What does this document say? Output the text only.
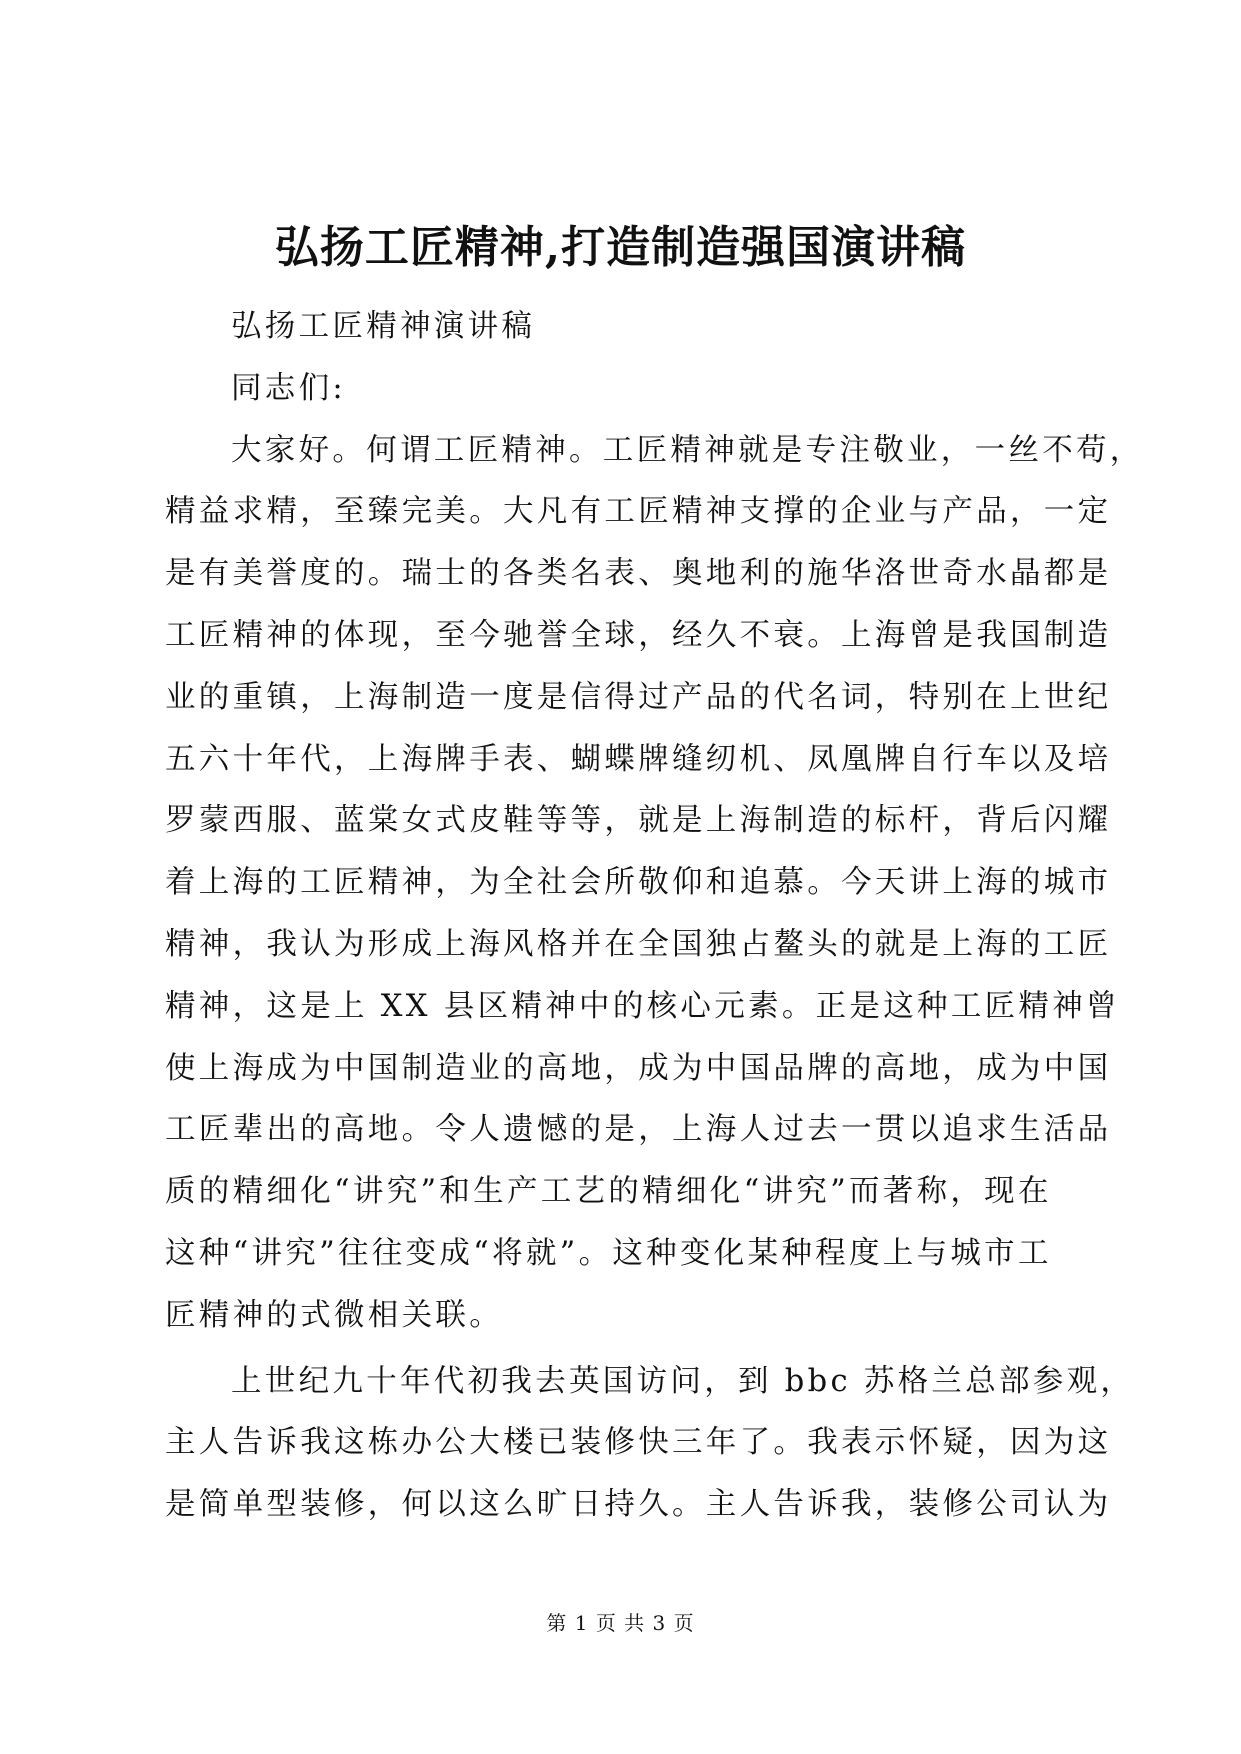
弘扬工匠精神,打造制造强国演讲稿
弘扬工匠精神演讲稿
同志们:
大家好。何谓工匠精神。工匠精神就是专注敬业，一丝不苟，
精益求精，至臻完美。大凡有工匠精神支撑的企业与产品，一定
是有美誉度的。瑞士的各类名表、奥地利的施华洛世奇水晶都是
工匠精神的体现，至今驰誉全球，经久不衰。上海曾是我国制造
业的重镇，上海制造一度是信得过产品的代名词，特别在上世纪
五六十年代，上海牌手表、蝴蝶牌缝纫机、凤凰牌自行车以及培
罗蒙西服、蓝棠女式皮鞋等等，就是上海制造的标杆，背后闪耀
着上海的工匠精神，为全社会所敬仰和追慕。今天讲上海的城市
精神，我认为形成上海风格并在全国独占鳌头的就是上海的工匠
精神，这是上 XX 县区精神中的核心元素。正是这种工匠精神曾
使上海成为中国制造业的高地，成为中国品牌的高地，成为中国
工匠辈出的高地。令人遗憾的是，上海人过去一贯以追求生活品
质的精细化“讲究”和生产工艺的精细化“讲究”而著称，现在
这种“讲究”往往变成“将就”。这种变化某种程度上与城市工
匠精神的式微相关联。
上世纪九十年代初我去英国访问，到 bbc 苏格兰总部参观，
主人告诉我这栋办公大楼已装修快三年了。我表示怀疑，因为这
是简单型装修，何以这么旷日持久。主人告诉我，装修公司认为
第 1 页 共 3 页
